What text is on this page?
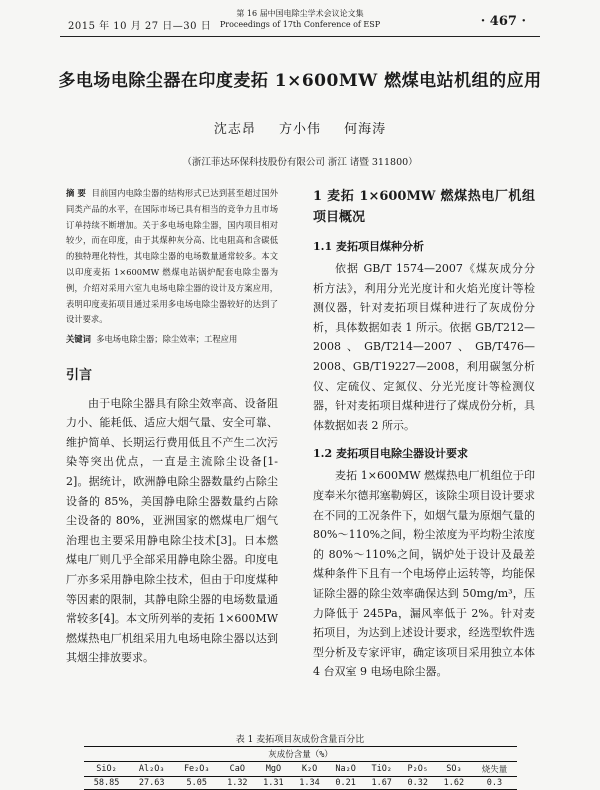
2015 年 10 月 27 日—30 日
第 16 届中国电除尘学术会议论文集
Proceedings of 17th Conference of ESP	· 467 ·
多电场电除尘器在印度麦拓 1×600MW 燃煤电站机组的应用
沈志昂 方小伟 何海涛
（浙江菲达环保科技股份有限公司 浙江 诸暨 311800）
摘 要 目前国内电除尘器的结构形式已达到甚至超过国外同类产品的水平，在国际市场已具有相当的竞争力且市场订单持续不断增加。关于多电场电除尘器，国内项目相对较少，而在印度，由于其煤种灰分高、比电阻高和含碳低的独特理化特性，其电除尘器的电场数量通常较多。本文以印度麦拓 1×600MW 燃煤电站锅炉配套电除尘器为例，介绍对采用六室九电场电除尘器的设计及方案应用，表明印度麦拓项目通过采用多电场电除尘器较好的达到了设计要求。
关键词 多电场电除尘器；除尘效率；工程应用
引言

由于电除尘器具有除尘效率高、设备阻力小、能耗低、适应大烟气量、安全可靠、维护简单、长期运行费用低且不产生二次污染等突出优点，一直是主流除尘设备[1-2]。据统计，欧洲静电除尘器数量约占除尘设备的 85%，美国静电除尘器数量约占除尘设备的 80%，亚洲国家的燃煤电厂烟气治理也主要采用静电除尘技术[3]。日本燃煤电厂则几乎全部采用静电除尘器。印度电厂亦多采用静电除尘技术，但由于印度煤种等因素的限制，其静电除尘器的电场数量通常较多[4]。本文所列举的麦拓 1×600MW 燃煤热电厂机组采用九电场电除尘器以达到其烟尘排放要求。

1 麦拓 1×600MW 燃煤热电厂机组项目概况
1.1 麦拓项目煤种分析

依据 GB/T 1574—2007《煤灰成分分析方法》，利用分光光度计和火焰光度计等检测仪器，针对麦拓项目煤种进行了灰成份分析，具体数据如表 1 所示。依据 GB/T212—2008、GB/T214—2007、GB/T476—2008、GB/T19227—2008，利用碳氢分析仪、定硫仪、定氮仪、分光光度计等检测仪器，针对麦拓项目煤种进行了煤成份分析，具体数据如表 2 所示。

1.2 麦拓项目电除尘器设计要求

麦拓 1×600MW 燃煤热电厂机组位于印度奉米尔德邦塞勒姆区，该除尘项目设计要求在不同的工况条件下，如烟气量为原烟气量的 80%～110%之间，粉尘浓度为平均粉尘浓度的 80%～110%之间，锅炉处于设计及最差煤种条件下且有一个电场停止运转等，均能保证除尘器的除尘效率确保达到 50mg/m³，压力降低于 245Pa，漏风率低于 2%。针对麦拓项目，为达到上述设计要求，经选型软件选型分析及专家评审，确定该项目采用独立本体 4 台双室 9 电场电除尘器。

表 1 麦拓项目灰成份含量百分比
灰成份含量（%）										
SiO₂	Al₂O₃	Fe₂O₃	CaO	MgO	K₂O	Na₂O	TiO₂	P₂O₅	SO₃	烧失量
58.85	27.63	5.05	1.32	1.31	1.34	0.21	1.67	0.32	1.62	0.3
